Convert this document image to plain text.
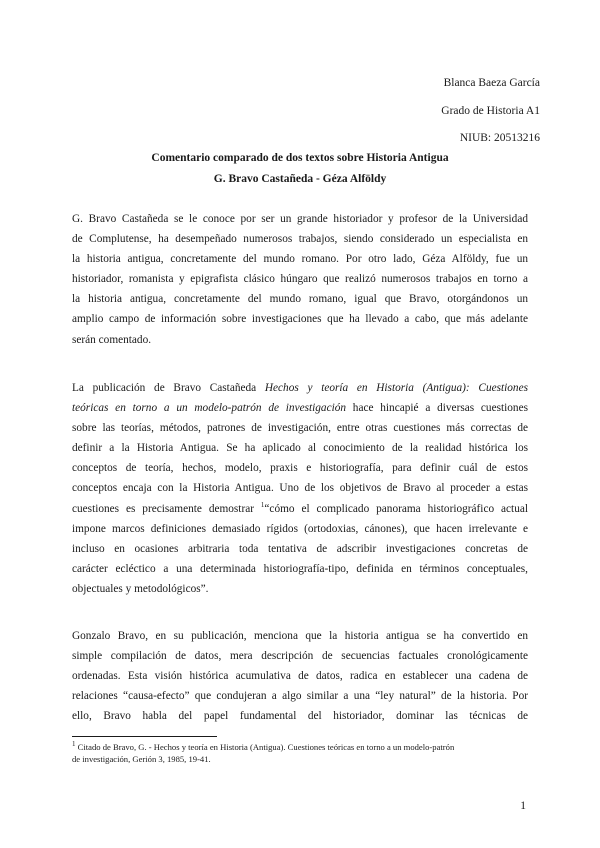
Blanca Baeza García
Grado de Historia A1
NIUB: 20513216
Comentario comparado de dos textos sobre Historia Antigua
G. Bravo Castañeda - Géza Alföldy
G. Bravo Castañeda se le conoce por ser un grande historiador y profesor de la Universidad
de Complutense, ha desempeñado numerosos trabajos, siendo considerado un especialista en
la historia antigua, concretamente del mundo romano. Por otro lado, Géza Alföldy, fue un
historiador, romanista y epigrafista clásico húngaro que realizó numerosos trabajos en torno a
la historia antigua, concretamente del mundo romano, igual que Bravo, otorgándonos un
amplio campo de información sobre investigaciones que ha llevado a cabo, que más adelante
serán comentado.
La publicación de Bravo Castañeda Hechos y teoría en Historia (Antigua): Cuestiones
teóricas en torno a un modelo-patrón de investigación hace hincapié a diversas cuestiones
sobre las teorías, métodos, patrones de investigación, entre otras cuestiones más correctas de
definir a la Historia Antigua. Se ha aplicado al conocimiento de la realidad histórica los
conceptos de teoría, hechos, modelo, praxis e historiografía, para definir cuál de estos
conceptos encaja con la Historia Antigua. Uno de los objetivos de Bravo al proceder a estas
cuestiones es precisamente demostrar $^1$“cómo el complicado panorama historiográfico actual
impone marcos definiciones demasiado rígidos (ortodoxias, cánones), que hacen irrelevante e
incluso en ocasiones arbitraria toda tentativa de adscribir investigaciones concretas de
carácter ecléctico a una determinada historiografía-tipo, definida en términos conceptuales,
objectuales y metodológicos”.
Gonzalo Bravo, en su publicación, menciona que la historia antigua se ha convertido en
simple compilación de datos, mera descripción de secuencias factuales cronológicamente
ordenadas. Esta visión histórica acumulativa de datos, radica en establecer una cadena de
relaciones “causa-efecto” que condujeran a algo similar a una “ley natural” de la historia. Por
ello, Bravo habla del papel fundamental del historiador, dominar las técnicas de
$^1$ Citado de Bravo, G. - Hechos y teoría en Historia (Antigua). Cuestiones teóricas en torno a un modelo-patrón
de investigación, Gerión 3, 1985, 19-41.
1
